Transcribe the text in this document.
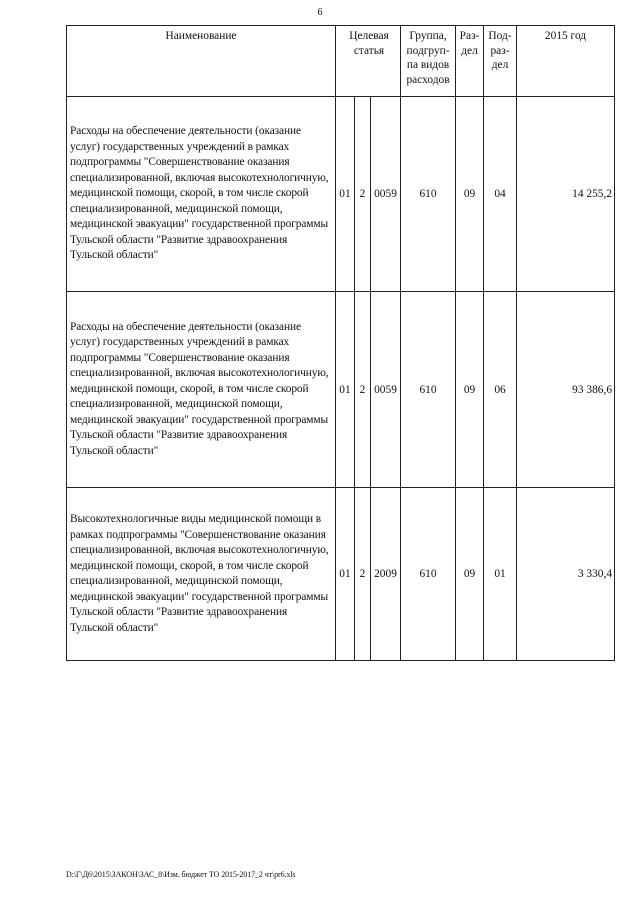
6
Наименование	Целевая статья			Группа, подгруп- па видов расходов	Раз- дел	Под- раз- дел	2015 год
Расходы на обеспечение деятельности (оказание услуг) государственных учреждений в рамках подпрограммы "Совершенствование оказания специализированной, включая высокотехнологичную, медицинской помощи, скорой, в том числе скорой специализированной, медицинской помощи, медицинской эвакуации" государственной программы Тульской области "Развитие здравоохранения Тульской области"	01	2	0059	610	09	04	14 255,2
Расходы на обеспечение деятельности (оказание услуг) государственных учреждений в рамках подпрограммы "Совершенствование оказания специализированной, включая высокотехнологичную, медицинской помощи, скорой, в том числе скорой специализированной, медицинской помощи, медицинской эвакуации" государственной программы Тульской области "Развитие здравоохранения Тульской области"	01	2	0059	610	09	06	93 386,6
Высокотехнологичные виды медицинской помощи в рамках подпрограммы "Совершенствование оказания специализированной, включая высокотехнологичную, медицинской помощи, скорой, в том числе скорой специализированной, медицинской помощи, медицинской эвакуации" государственной программы Тульской области "Развитие здравоохранения Тульской области"	01	2	2009	610	09	01	3 330,4
D:\Г\Д6\2015\ЗАКОН\ЗАС_8\Изм. бюджет ТО 2015-2017_2 чт\pr6.xls
